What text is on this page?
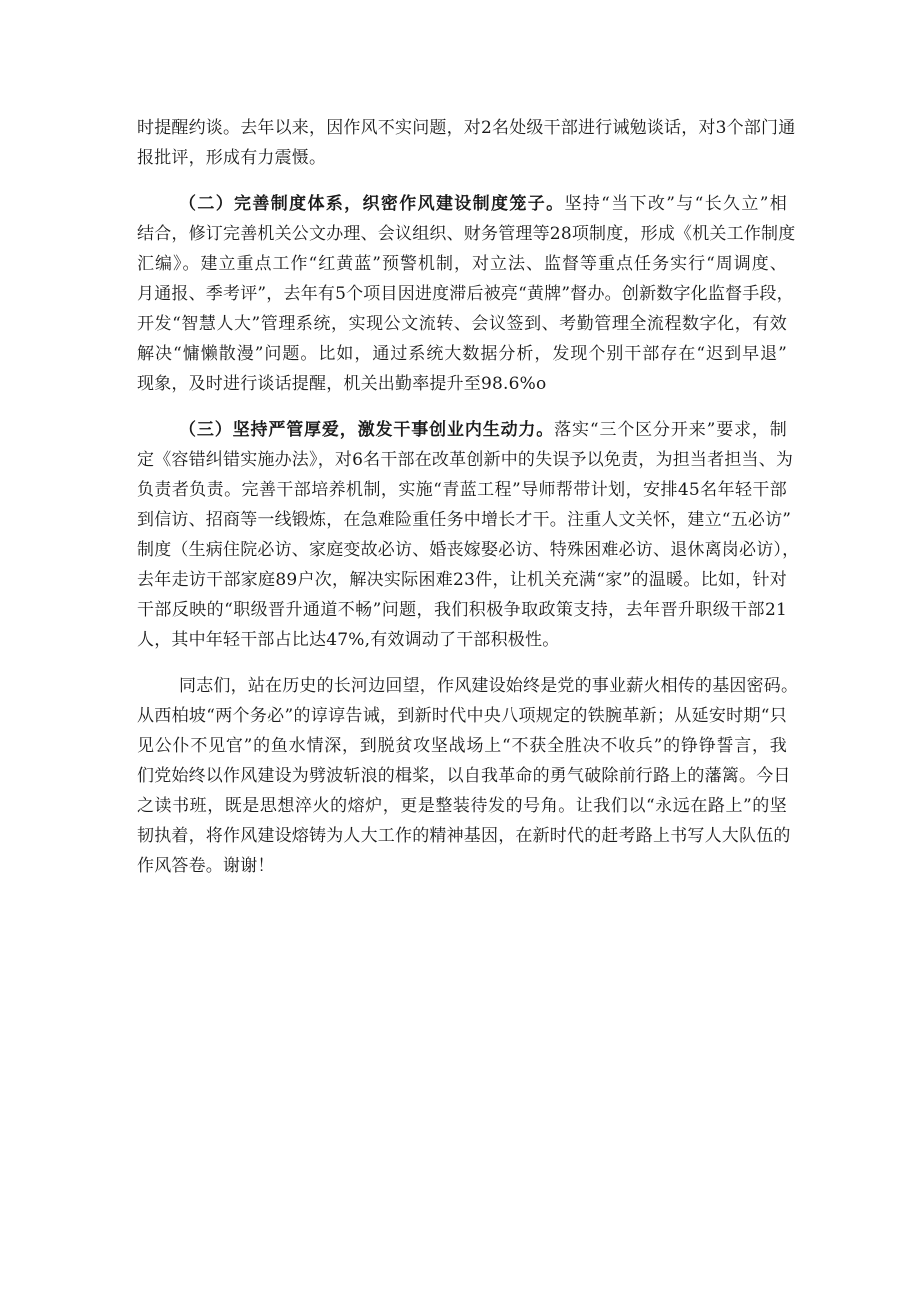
时提醒约谈。去年以来，因作风不实问题，对2名处级干部进行诫勉谈话，对3个部门通
报批评，形成有力震慑。
（二）完善制度体系，织密作风建设制度笼子。坚持“当下改”与“长久立”相
结合，修订完善机关公文办理、会议组织、财务管理等28项制度，形成《机关工作制度
汇编》。建立重点工作“红黄蓝”预警机制，对立法、监督等重点任务实行“周调度、
月通报、季考评”，去年有5个项目因进度滞后被亮“黄牌”督办。创新数字化监督手段，
开发“智慧人大”管理系统，实现公文流转、会议签到、考勤管理全流程数字化，有效
解决“慵懒散漫”问题。比如，通过系统大数据分析，发现个别干部存在“迟到早退”
现象，及时进行谈话提醒，机关出勤率提升至98.6%o
（三）坚持严管厚爱，激发干事创业内生动力。落实“三个区分开来”要求，制
定《容错纠错实施办法》，对6名干部在改革创新中的失误予以免责，为担当者担当、为
负责者负责。完善干部培养机制，实施“青蓝工程”导师帮带计划，安排45名年轻干部
到信访、招商等一线锻炼，在急难险重任务中增长才干。注重人文关怀，建立“五必访”
制度（生病住院必访、家庭变故必访、婚丧嫁娶必访、特殊困难必访、退休离岗必访），
去年走访干部家庭89户次，解决实际困难23件，让机关充满“家”的温暖。比如，针对
干部反映的“职级晋升通道不畅”问题，我们积极争取政策支持，去年晋升职级干部21
人，其中年轻干部占比达47%,有效调动了干部积极性。
同志们，站在历史的长河边回望，作风建设始终是党的事业薪火相传的基因密码。
从西柏坡“两个务必”的谆谆告诫，到新时代中央八项规定的铁腕革新；从延安时期“只
见公仆不见官”的鱼水情深，到脱贫攻坚战场上“不获全胜决不收兵”的铮铮誓言，我
们党始终以作风建设为劈波斩浪的楫桨，以自我革命的勇气破除前行路上的藩篱。今日
之读书班，既是思想淬火的熔炉，更是整装待发的号角。让我们以“永远在路上”的坚
韧执着，将作风建设熔铸为人大工作的精神基因，在新时代的赶考路上书写人大队伍的
作风答卷。谢谢！
